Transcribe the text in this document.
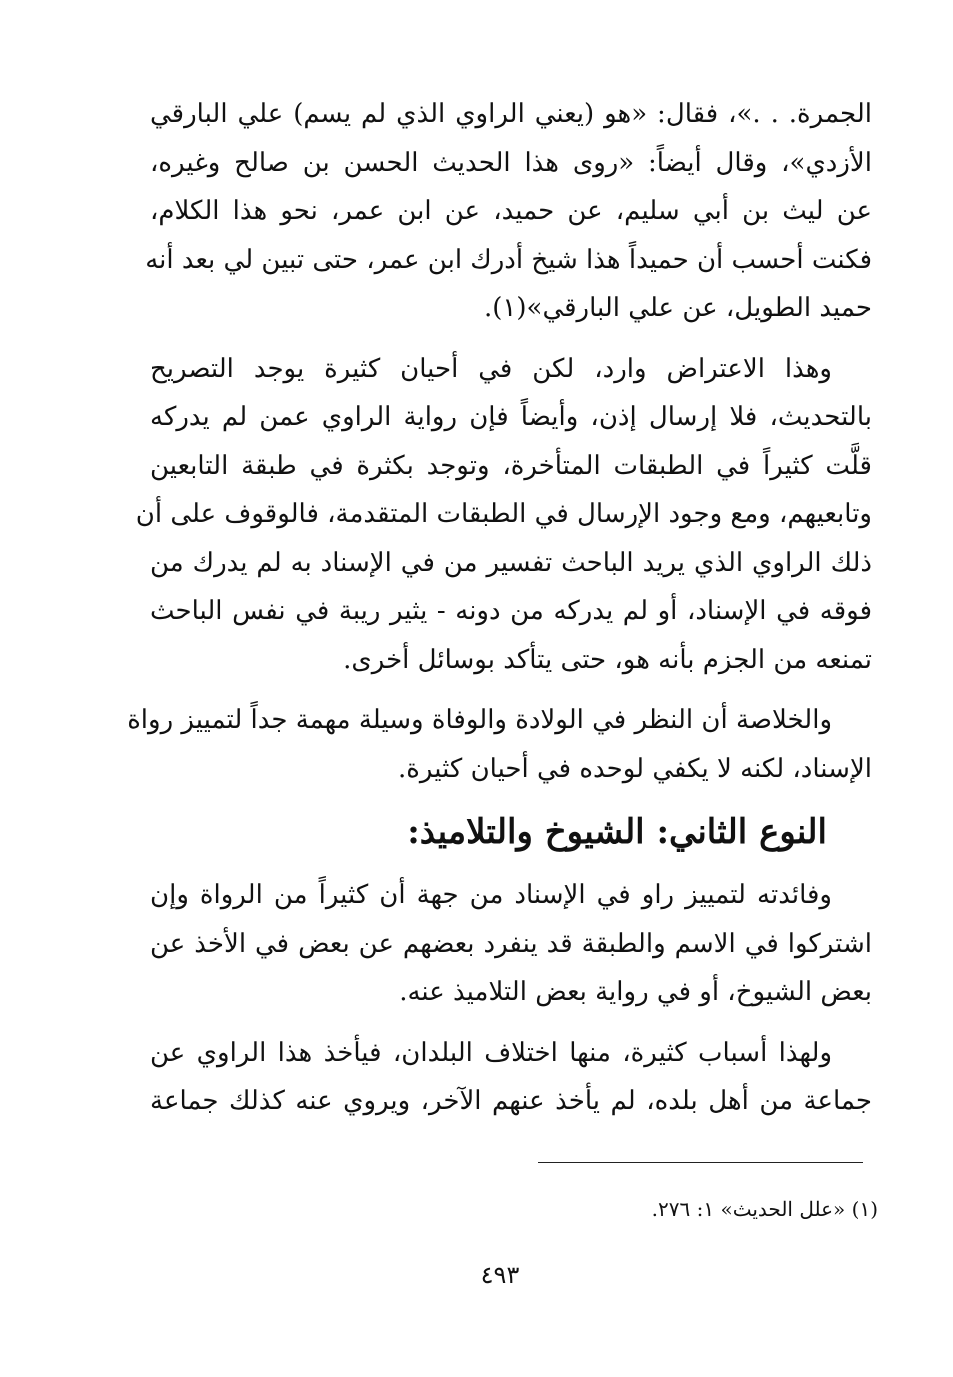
الجمرة. . .»، فقال: «هو (يعني الراوي الذي لم يسم) علي البارقي
الأزدي»، وقال أيضاً: «روى هذا الحديث الحسن بن صالح وغيره،
عن ليث بن أبي سليم، عن حميد، عن ابن عمر، نحو هذا الكلام،
فكنت أحسب أن حميداً هذا شيخ أدرك ابن عمر، حتى تبين لي بعد أنه
حميد الطويل، عن علي البارقي»(١).

وهذا الاعتراض وارد، لكن في أحيان كثيرة يوجد التصريح
بالتحديث، فلا إرسال إذن، وأيضاً فإن رواية الراوي عمن لم يدركه
قلَّت كثيراً في الطبقات المتأخرة، وتوجد بكثرة في طبقة التابعين
وتابعيهم، ومع وجود الإرسال في الطبقات المتقدمة، فالوقوف على أن
ذلك الراوي الذي يريد الباحث تفسير من في الإسناد به لم يدرك من
فوقه في الإسناد، أو لم يدركه من دونه - يثير ريبة في نفس الباحث
تمنعه من الجزم بأنه هو، حتى يتأكد بوسائل أخرى.

والخلاصة أن النظر في الولادة والوفاة وسيلة مهمة جداً لتمييز رواة
الإسناد، لكنه لا يكفي لوحده في أحيان كثيرة.

النوع الثاني: الشيوخ والتلاميذ:

وفائدته لتمييز راو في الإسناد من جهة أن كثيراً من الرواة وإن
اشتركوا في الاسم والطبقة قد ينفرد بعضهم عن بعض في الأخذ عن
بعض الشيوخ، أو في رواية بعض التلاميذ عنه.

ولهذا أسباب كثيرة، منها اختلاف البلدان، فيأخذ هذا الراوي عن
جماعة من أهل بلده، لم يأخذ عنهم الآخر، ويروي عنه كذلك جماعة

(١) «علل الحديث» ١: ٢٧٦.
٤٩٣
